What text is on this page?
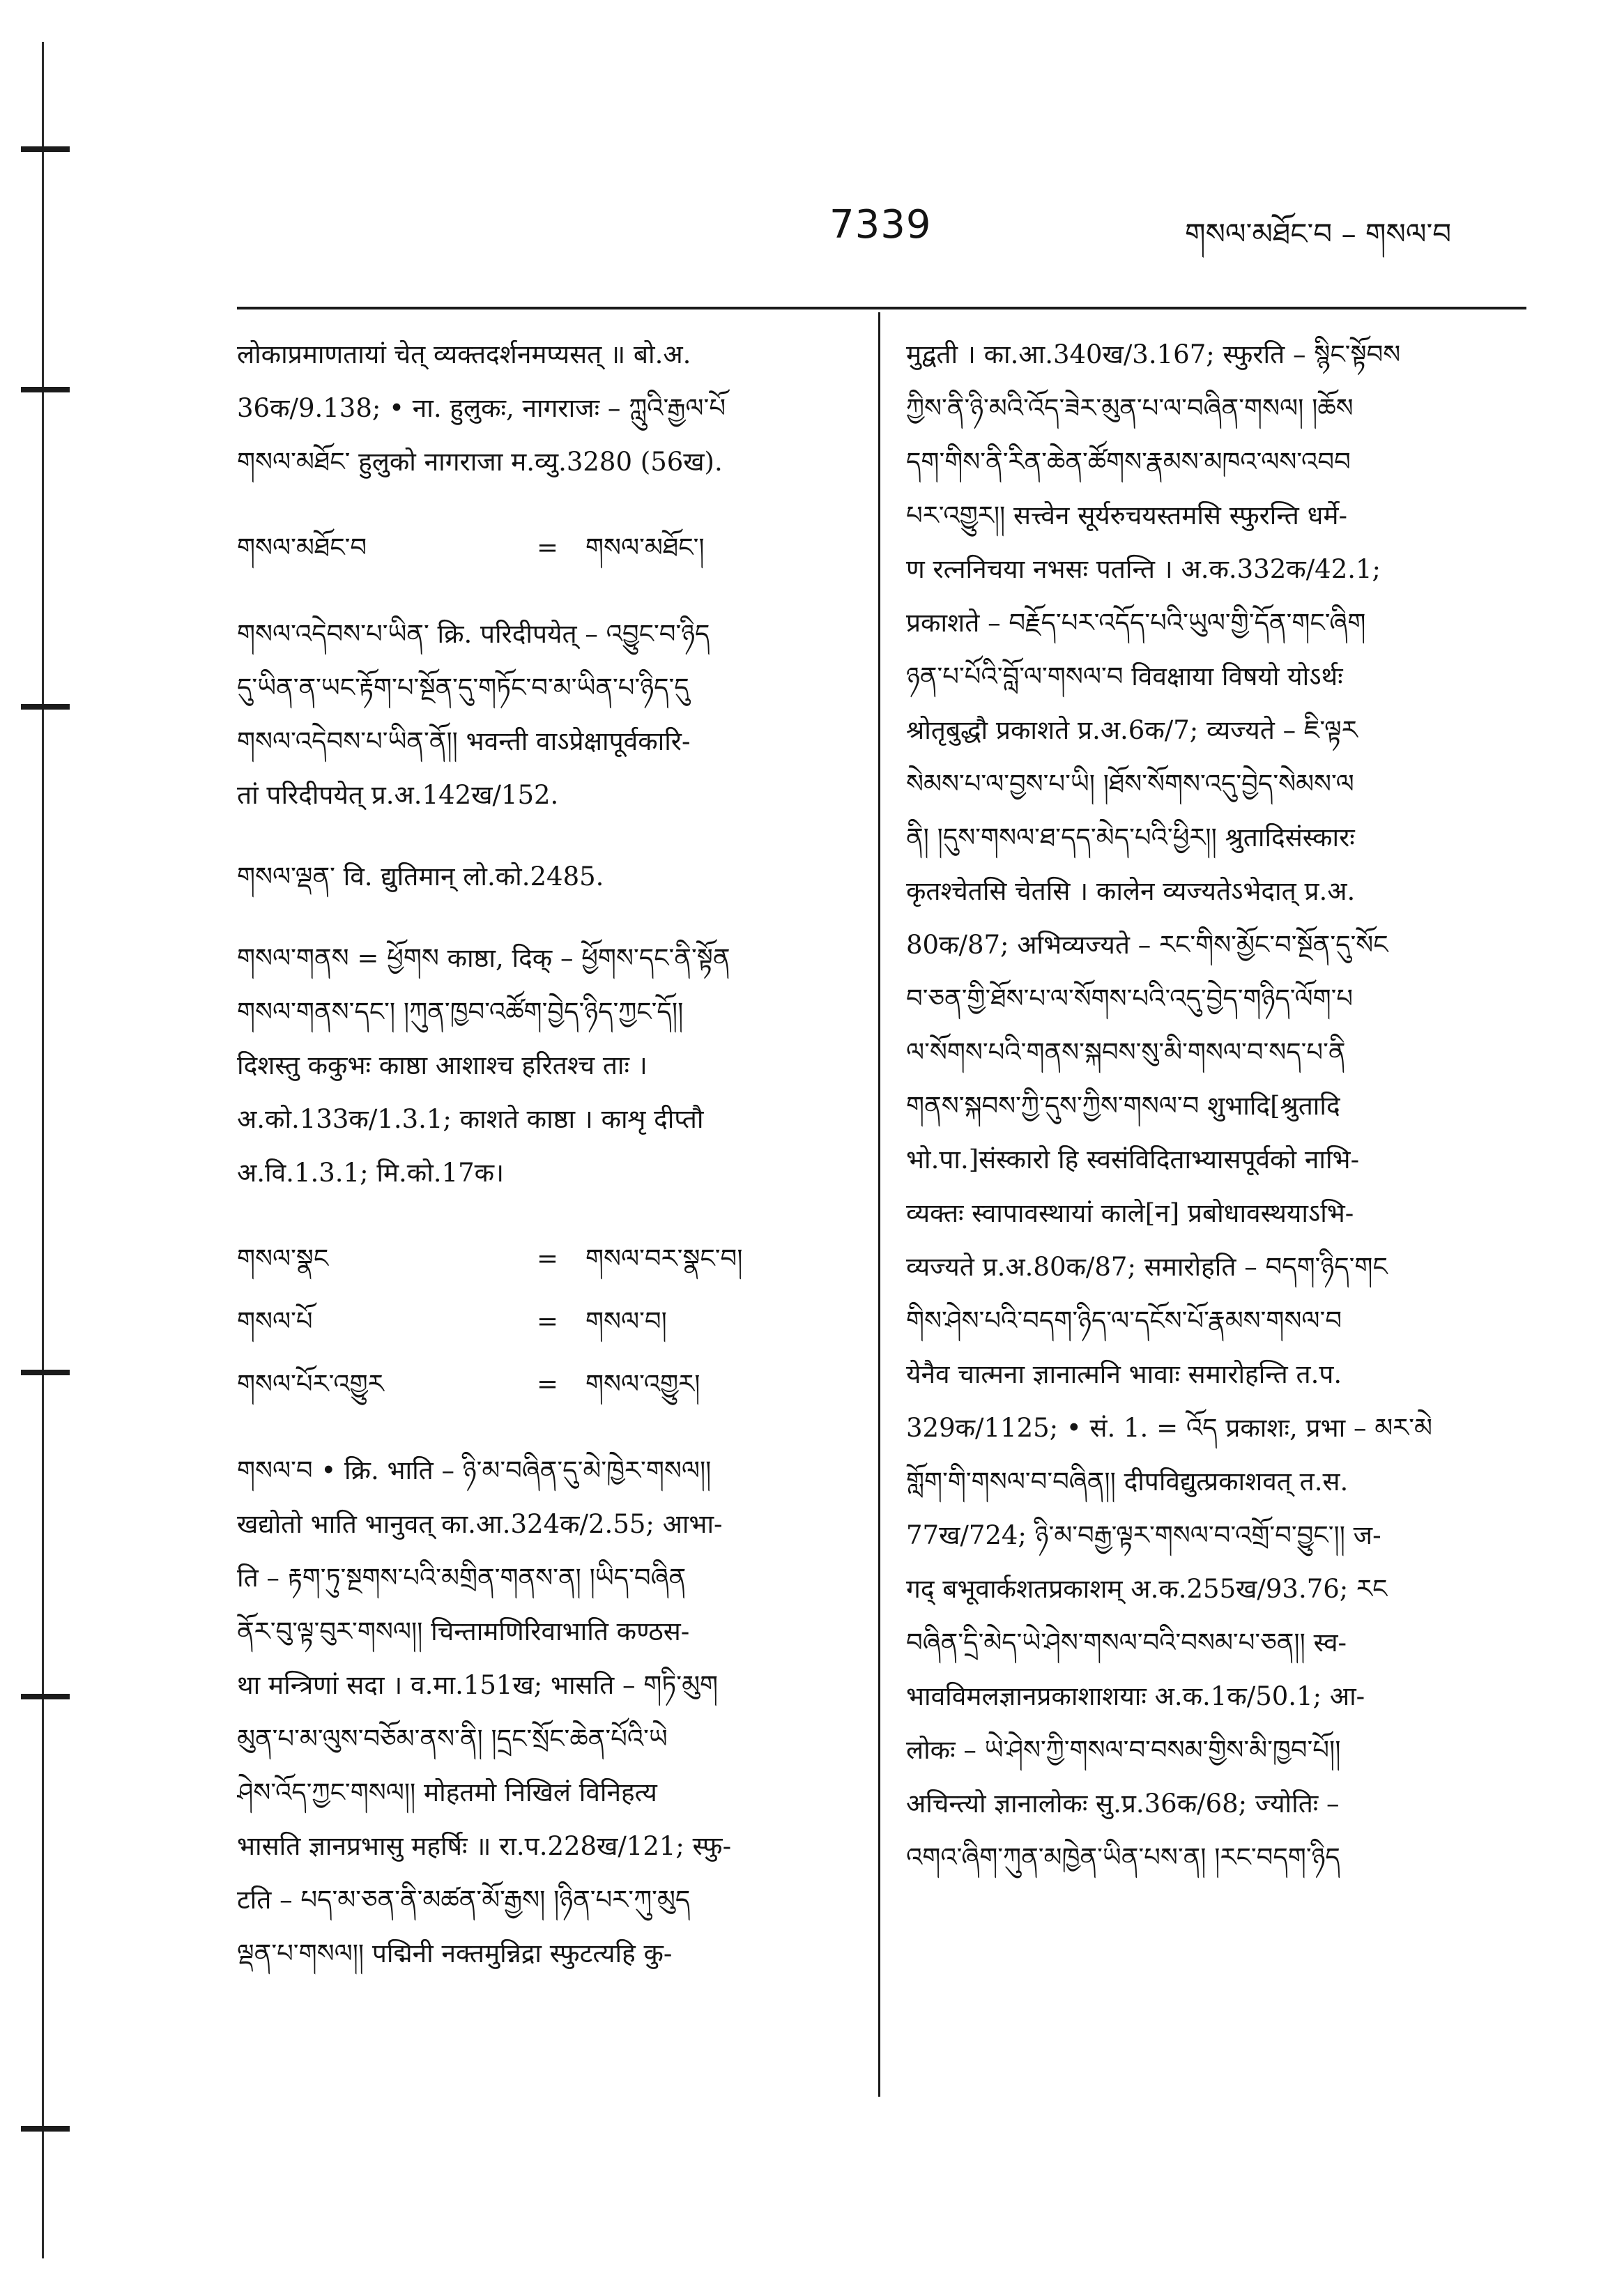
7339	གསལ་མཐོང་བ – གསལ་བ
लोकाप्रमाणतायां चेत् व्यक्तदर्शनमप्यसत् ॥ बो.अ.
36क/9.138; • ना. हुलुकः, नागराजः – ཀླུའི་རྒྱལ་པོ
གསལ་མཐོང་ हुलुको नागराजा म.व्यु.3280 (56ख).
གསལ་མཐོང་བ	= གསལ་མཐོང་།
གསལ་འདེབས་པ་ཡིན་ क्रि. परिदीपयेत् – འབྱུང་བ་ཉིད
དུ་ཡིན་ན་ཡང་རྟོག་པ་སྔོན་དུ་གཏོང་བ་མ་ཡིན་པ་ཉིད་དུ
གསལ་འདེབས་པ་ཡིན་ནོ།། भवन्ती वाऽप्रेक्षापूर्वकारि-
तां परिदीपयेत् प्र.अ.142ख/152.
གསལ་ལྡན་ वि. द्युतिमान् लो.को.2485.
གསལ་གནས = ཕྱོགས काष्ठा, दिक् – ཕྱོགས་དང་ནི་སྟོན
གསལ་གནས་དང་། །ཀུན་ཁྱབ་འཚོག་བྱེད་ཉིད་ཀྱང་དོ།།
दिशस्तु ककुभः काष्ठा आशाश्च हरितश्च ताः ।
अ.को.133क/1.3.1; काशते काष्ठा । काशृ दीप्तौ
अ.वि.1.3.1; मि.को.17क।
གསལ་སྣང	= གསལ་བར་སྣང་བ།
གསལ་པོ	= གསལ་བ།
གསལ་པོར་འགྱུར	= གསལ་འགྱུར།
གསལ་བ • क्रि. भाति – ཉི་མ་བཞིན་དུ་མེ་ཁྱེར་གསལ།།
खद्योतो भाति भानुवत् का.आ.324क/2.55; आभा-
ति – རྟག་ཏུ་སྔགས་པའི་མགྲིན་གནས་ན། །ཡིད་བཞིན
ནོར་བུ་ལྟ་བུར་གསལ།། चिन्तामणिरिवाभाति कण्ठस-
था मन्त्रिणां सदा । व.मा.151ख; भासति – གཏི་མུག
མུན་པ་མ་ལུས་བཅོམ་ནས་ནི། །དྲང་སྲོང་ཆེན་པོའི་ཡེ
ཤེས་འོད་ཀྱང་གསལ།། मोहतमो निखिलं विनिहत्य
भासति ज्ञानप्रभासु महर्षिः ॥ रा.प.228ख/121; स्फु-
टति – པད་མ་ཅན་ནི་མཚན་མོ་རྒྱས། །ཉིན་པར་ཀུ་མུད
ལྡན་པ་གསལ།། पद्मिनी नक्तमुन्निद्रा स्फुटत्यहि कु-
मुद्वती । का.आ.340ख/3.167; स्फुरति – སྙིང་སྟོབས
ཀྱིས་ནི་ཉི་མའི་འོད་ཟེར་མུན་པ་ལ་བཞིན་གསལ། །ཆོས
དག་གིས་ནི་རིན་ཆེན་ཚོགས་རྣམས་མཁའ་ལས་འབབ
པར་འགྱུར།། सत्त्वेन सूर्यरुचयस्तमसि स्फुरन्ति धर्मे-
ण रत्ननिचया नभसः पतन्ति । अ.क.332क/42.1;
प्रकाशते – བརྗོད་པར་འདོད་པའི་ཡུལ་གྱི་དོན་གང་ཞིག
ཉན་པ་པོའི་བློ་ལ་གསལ་བ विवक्षाया विषयो योऽर्थः
श्रोतृबुद्धौ प्रकाशते प्र.अ.6क/7; व्यज्यते – ཇི་ལྟར
སེམས་པ་ལ་བྱས་པ་ཡི། །ཐོས་སོགས་འདུ་བྱེད་སེམས་ལ
ནི། །དུས་གསལ་ཐ་དད་མེད་པའི་ཕྱིར།། श्रुतादिसंस्कारः
कृतश्चेतसि चेतसि । कालेन व्यज्यतेऽभेदात् प्र.अ.
80क/87; अभिव्यज्यते – རང་གིས་མྱོང་བ་སྔོན་དུ་སོང
བ་ཅན་གྱི་ཐོས་པ་ལ་སོགས་པའི་འདུ་བྱེད་གཉིད་ལོག་པ
ལ་སོགས་པའི་གནས་སྐབས་སུ་མི་གསལ་བ་སད་པ་ནི
གནས་སྐབས་ཀྱི་དུས་ཀྱིས་གསལ་བ शुभादि[श्रुतादि
भो.पा.]संस्कारो हि स्वसंविदिताभ्यासपूर्वको नाभि-
व्यक्तः स्वापावस्थायां काले[न] प्रबोधावस्थयाऽभि-
व्यज्यते प्र.अ.80क/87; समारोहति – བདག་ཉིད་གང
གིས་ཤེས་པའི་བདག་ཉིད་ལ་དངོས་པོ་རྣམས་གསལ་བ
येनैव चात्मना ज्ञानात्मनि भावाः समारोहन्ति त.प.
329क/1125; • सं. 1. = འོད प्रकाशः, प्रभा – མར་མེ
གློག་གི་གསལ་བ་བཞིན།། दीपविद्युत्प्रकाशवत् त.स.
77ख/724; ཉི་མ་བརྒྱ་ལྟར་གསལ་བ་འགྲོ་བ་བྱུང་།། ज-
गद् बभूवार्कशतप्रकाशम् अ.क.255ख/93.76; རང
བཞིན་དྲི་མེད་ཡེ་ཤེས་གསལ་བའི་བསམ་པ་ཅན།། स्व-
भावविमलज्ञानप्रकाशाशयाः अ.क.1क/50.1; आ-
लोकः – ཡེ་ཤེས་ཀྱི་གསལ་བ་བསམ་གྱིས་མི་ཁྱབ་པོ།།
अचिन्त्यो ज्ञानालोकः सु.प्र.36क/68; ज्योतिः –
འགའ་ཞིག་ཀུན་མཁྱེན་ཡིན་པས་ན། །རང་བདག་ཉིད
